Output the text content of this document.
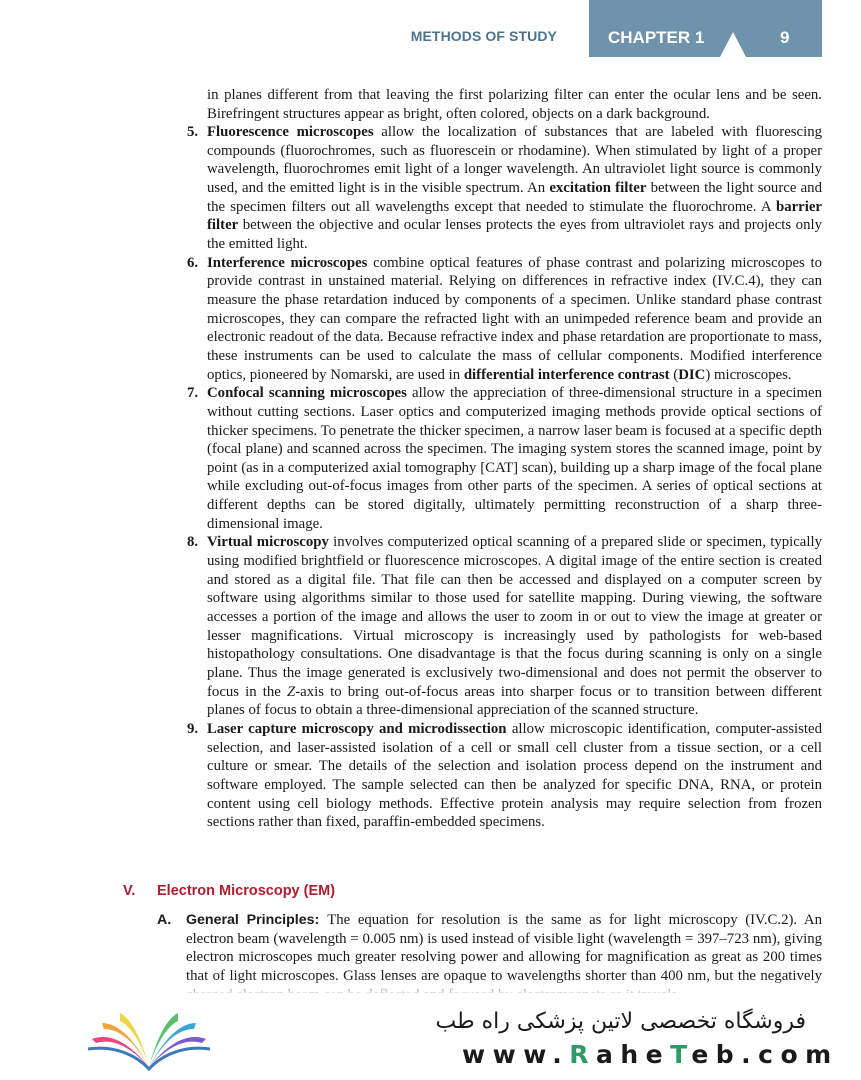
METHODS OF STUDY	CHAPTER 1	9

in planes different from that leaving the first polarizing filter can enter the ocular lens and be seen. Birefringent structures appear as bright, often colored, objects on a dark background.

5. Fluorescence microscopes allow the localization of substances that are labeled with fluorescing compounds (fluorochromes, such as fluorescein or rhodamine). When stimulated by light of a proper wavelength, fluorochromes emit light of a longer wavelength. An ultraviolet light source is commonly used, and the emitted light is in the visible spectrum. An excitation filter between the light source and the specimen filters out all wavelengths except that needed to stimulate the fluorochrome. A barrier filter between the objective and ocular lenses protects the eyes from ultraviolet rays and projects only the emitted light.

6. Interference microscopes combine optical features of phase contrast and polarizing microscopes to provide contrast in unstained material. Relying on differences in refractive index (IV.C.4), they can measure the phase retardation induced by components of a specimen. Unlike standard phase contrast microscopes, they can compare the refracted light with an unimpeded reference beam and provide an electronic readout of the data. Because refractive index and phase retardation are proportionate to mass, these instruments can be used to calculate the mass of cellular components. Modified interference optics, pioneered by Nomarski, are used in differential interference contrast (DIC) microscopes.

7. Confocal scanning microscopes allow the appreciation of three-dimensional structure in a specimen without cutting sections. Laser optics and computerized imaging methods provide optical sections of thicker specimens. To penetrate the thicker specimen, a narrow laser beam is focused at a specific depth (focal plane) and scanned across the specimen. The imaging system stores the scanned image, point by point (as in a computerized axial tomography [CAT] scan), building up a sharp image of the focal plane while excluding out-of-focus images from other parts of the specimen. A series of optical sections at different depths can be stored digitally, ultimately permitting reconstruction of a sharp three-dimensional image.

8. Virtual microscopy involves computerized optical scanning of a prepared slide or specimen, typically using modified brightfield or fluorescence microscopes. A digital image of the entire section is created and stored as a digital file. That file can then be accessed and displayed on a computer screen by software using algorithms similar to those used for satellite mapping. During viewing, the software accesses a portion of the image and allows the user to zoom in or out to view the image at greater or lesser magnifications. Virtual microscopy is increasingly used by pathologists for web-based histopathology consultations. One disadvantage is that the focus during scanning is only on a single plane. Thus the image generated is exclusively two-dimensional and does not permit the observer to focus in the Z-axis to bring out-of-focus areas into sharper focus or to transition between different planes of focus to obtain a three-dimensional appreciation of the scanned structure.

9. Laser capture microscopy and microdissection allow microscopic identification, computer-assisted selection, and laser-assisted isolation of a cell or small cell cluster from a tissue section, or a cell culture or smear. The details of the selection and isolation process depend on the instrument and software employed. The sample selected can then be analyzed for specific DNA, RNA, or protein content using cell biology methods. Effective protein analysis may require selection from frozen sections rather than fixed, paraffin-embedded specimens.

V. Electron Microscopy (EM)
A. General Principles: The equation for resolution is the same as for light microscopy (IV.C.2). An electron beam (wavelength = 0.005 nm) is used instead of visible light (wavelength = 397–723 nm), giving electron microscopes much greater resolving power and allowing for magnification as great as 200 times that of light microscopes. Glass lenses are opaque to wavelengths shorter than 400 nm, but the negatively
فروشگاه تخصصی لاتین پزشکی راه طب
www.RaheTeb.com
